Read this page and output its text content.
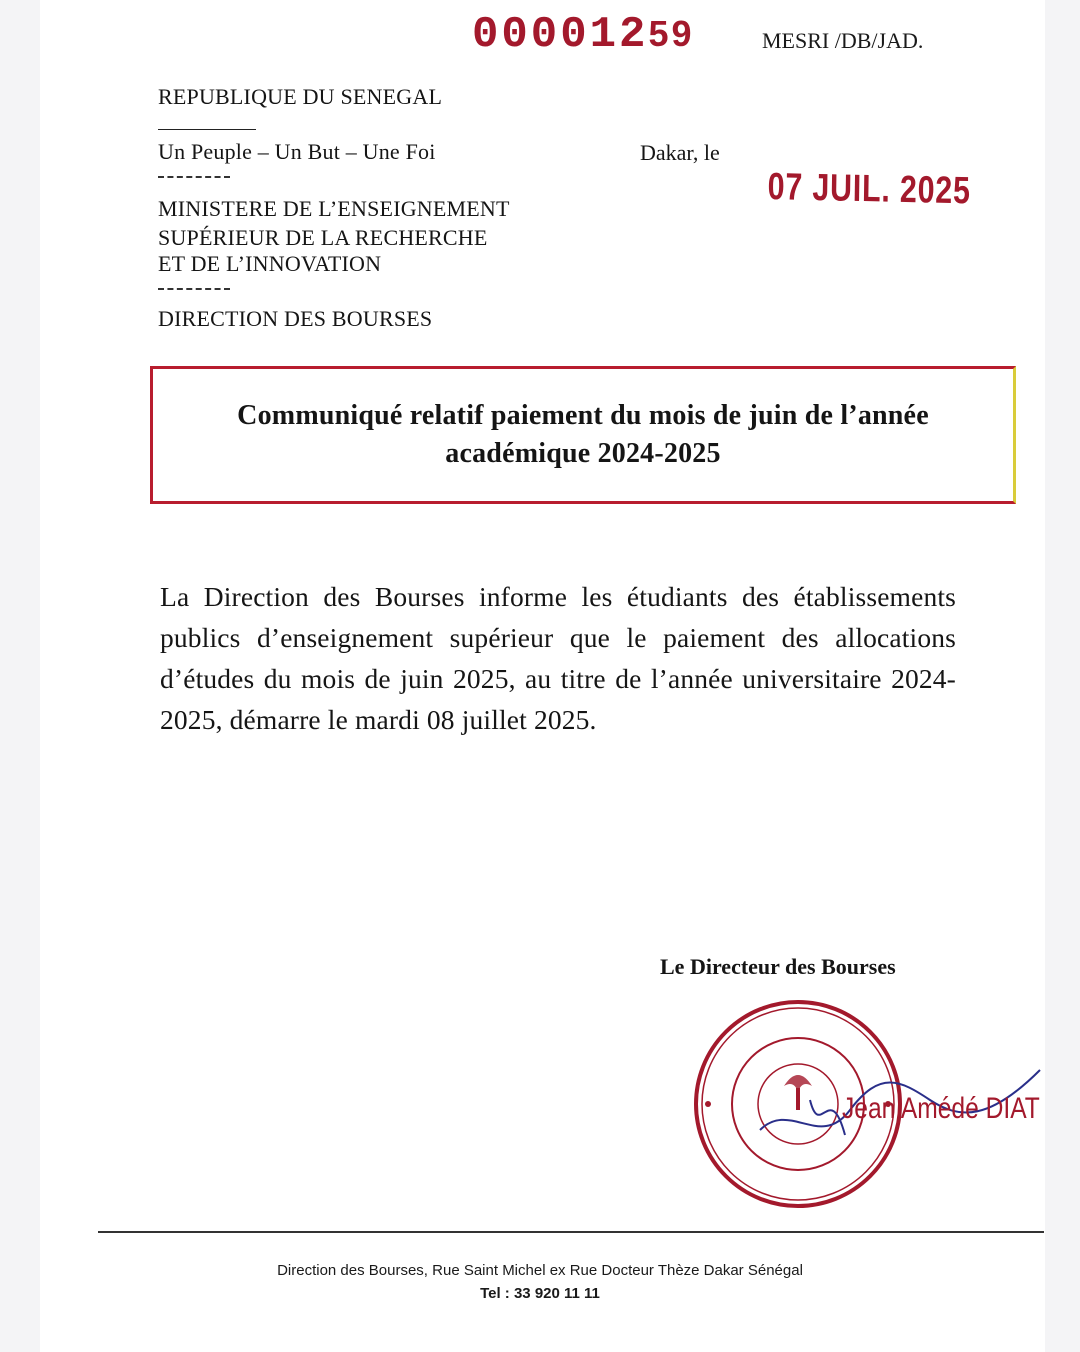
00001259	MESRI /DB/JAD.
REPUBLIQUE DU SENEGAL
Un Peuple – Un But – Une Foi
MINISTERE DE L’ENSEIGNEMENT
SUPÉRIEUR DE LA RECHERCHE
ET DE L’INNOVATION
DIRECTION DES BOURSES
Dakar, le
07 JUIL. 2025
Communiqué relatif paiement du mois de juin de l’année
académique 2024-2025
La Direction des Bourses informe les étudiants des établissements publics d’enseignement supérieur que le paiement des allocations d’études du mois de juin 2025, au titre de l’année universitaire 2024-2025, démarre le mardi 08 juillet 2025.
Le Directeur des Bourses
Jean Amédé DIAT
Direction des Bourses, Rue Saint Michel ex Rue Docteur Thèze Dakar Sénégal
Tel : 33 920 11 11
